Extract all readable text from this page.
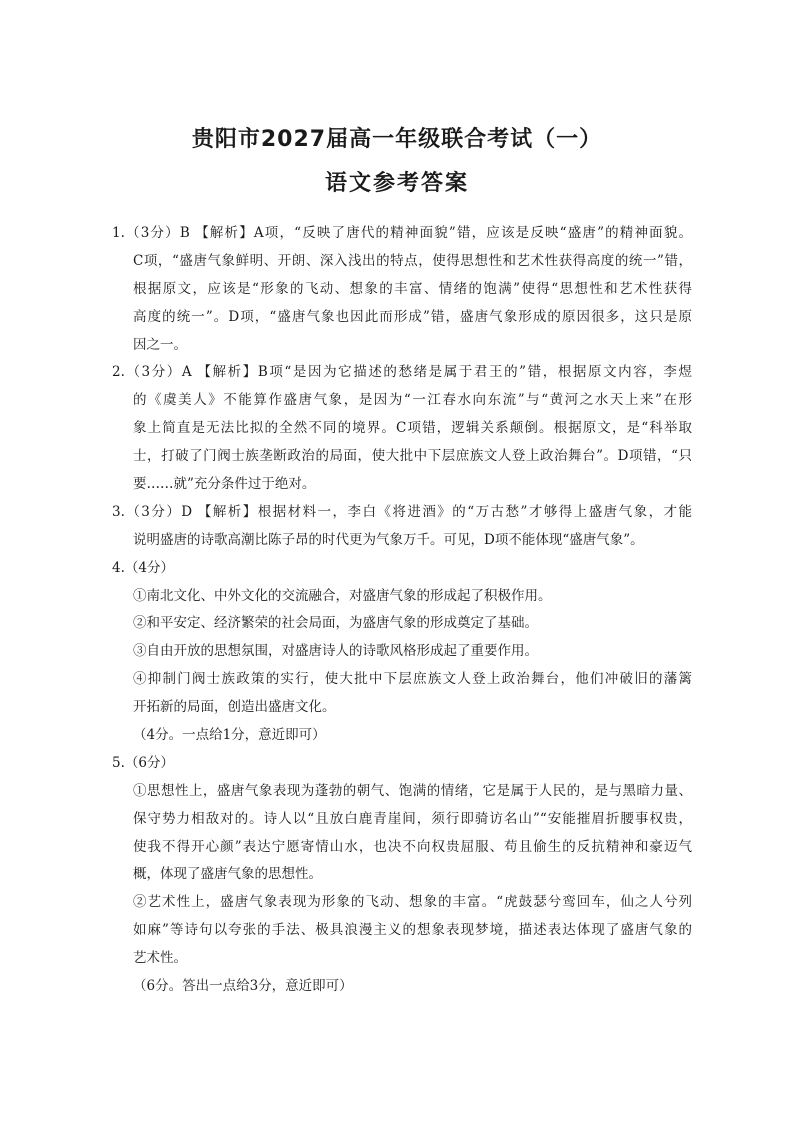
贵阳市2027届高一年级联合考试（一）
语文参考答案
1.（3分）B 【解析】A项，“反映了唐代的精神面貌”错，应该是反映“盛唐”的精神面貌。
C项，“盛唐气象鲜明、开朗、深入浅出的特点，使得思想性和艺术性获得高度的统一”错，
根据原文，应该是“形象的飞动、想象的丰富、情绪的饱满”使得“思想性和艺术性获得
高度的统一”。D项，“盛唐气象也因此而形成”错，盛唐气象形成的原因很多，这只是原
因之一。
2.（3分）A 【解析】B项“是因为它描述的愁绪是属于君王的”错，根据原文内容，李煜
的《虞美人》不能算作盛唐气象，是因为“一江春水向东流”与“黄河之水天上来”在形
象上简直是无法比拟的全然不同的境界。C项错，逻辑关系颠倒。根据原文，是“科举取
士，打破了门阀士族垄断政治的局面，使大批中下层庶族文人登上政治舞台”。D项错，“只
要……就”充分条件过于绝对。
3.（3分）D 【解析】根据材料一，李白《将进酒》的“万古愁”才够得上盛唐气象，才能
说明盛唐的诗歌高潮比陈子昂的时代更为气象万千。可见，D项不能体现“盛唐气象”。
4.（4分）
①南北文化、中外文化的交流融合，对盛唐气象的形成起了积极作用。
②和平安定、经济繁荣的社会局面，为盛唐气象的形成奠定了基础。
③自由开放的思想氛围，对盛唐诗人的诗歌风格形成起了重要作用。
④抑制门阀士族政策的实行，使大批中下层庶族文人登上政治舞台，他们冲破旧的藩篱
开拓新的局面，创造出盛唐文化。
（4分。一点给1分，意近即可）
5.（6分）
①思想性上，盛唐气象表现为蓬勃的朝气、饱满的情绪，它是属于人民的，是与黑暗力量、
保守势力相敌对的。诗人以“且放白鹿青崖间，须行即骑访名山”“安能摧眉折腰事权贵，
使我不得开心颜”表达宁愿寄情山水，也决不向权贵屈服、苟且偷生的反抗精神和豪迈气
概，体现了盛唐气象的思想性。
②艺术性上，盛唐气象表现为形象的飞动、想象的丰富。“虎鼓瑟兮鸾回车，仙之人兮列
如麻”等诗句以夸张的手法、极具浪漫主义的想象表现梦境，描述表达体现了盛唐气象的
艺术性。
（6分。答出一点给3分，意近即可）
